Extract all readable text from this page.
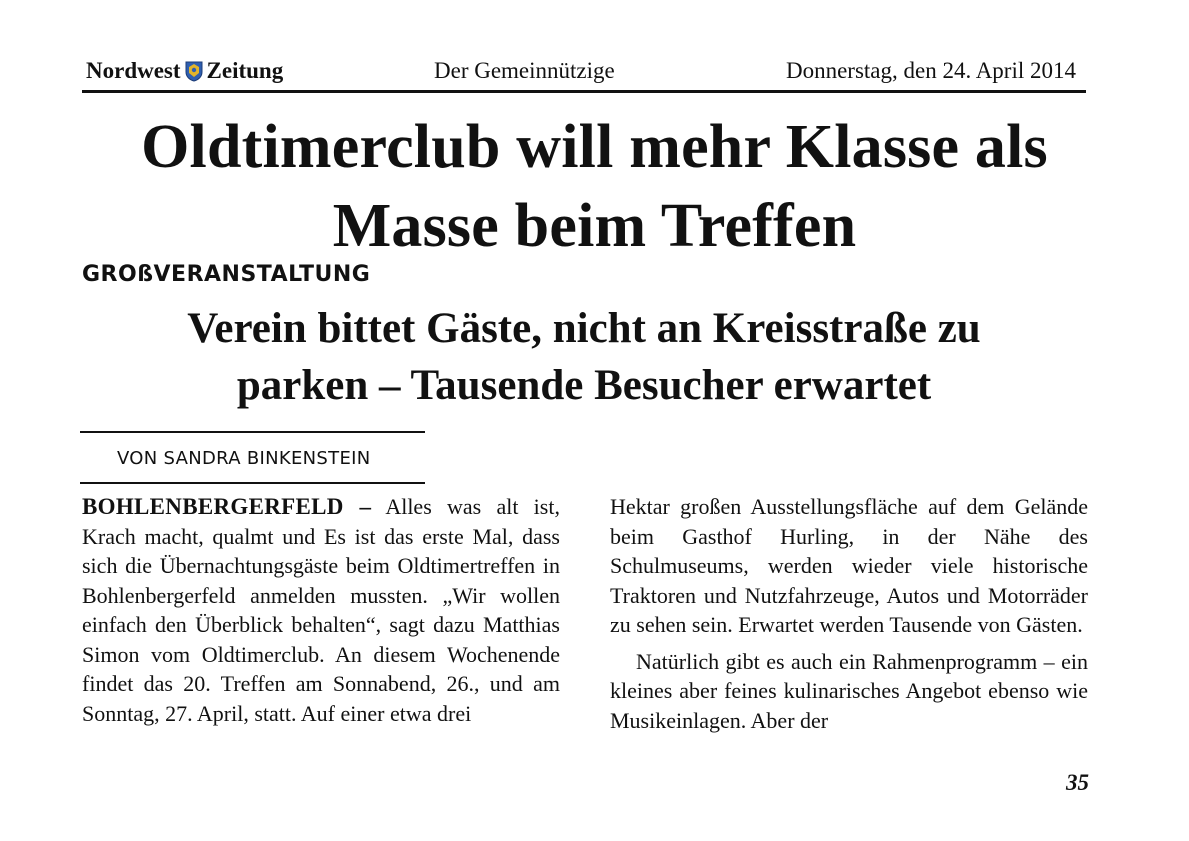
Nordwest Zeitung	Der Gemeinnützige	Donnerstag, den 24. April 2014
Oldtimerclub will mehr Klasse als
Masse beim Treffen
GROßVERANSTALTUNG
Verein bittet Gäste, nicht an Kreisstraße zu
parken – Tausende Besucher erwartet
VON SANDRA BINKENSTEIN

BOHLENBERGERFELD – Alles was alt ist, Krach macht, qualmt und Es ist das erste Mal, dass sich die Übernachtungsgäste beim Oldtimertreffen in Bohlenbergerfeld anmelden mussten. „Wir wollen einfach den Überblick behalten“, sagt dazu Matthias Simon vom Oldtimerclub. An diesem Wochenende findet das 20. Treffen am Sonnabend, 26., und am Sonntag, 27. April, statt. Auf einer etwa drei

Hektar großen Ausstellungsfläche auf dem Gelände beim Gasthof Hurling, in der Nähe des Schulmuseums, werden wieder viele historische Traktoren und Nutzfahrzeuge, Autos und Motorräder zu sehen sein. Erwartet werden Tausende von Gästen.

Natürlich gibt es auch ein Rahmenprogramm – ein kleines aber feines kulinarisches Angebot ebenso wie Musikeinlagen. Aber der

35
